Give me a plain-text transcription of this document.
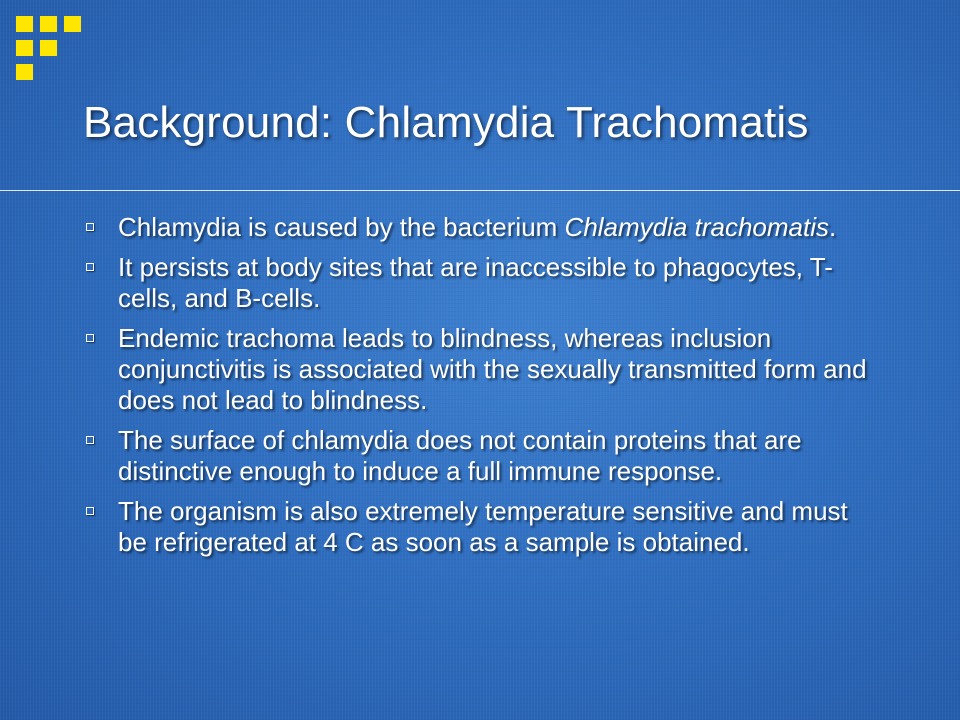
Background: Chlamydia Trachomatis
Chlamydia is caused by the bacterium Chlamydia trachomatis.
It persists at body sites that are inaccessible to phagocytes, T-cells, and B-cells.
Endemic trachoma leads to blindness, whereas inclusion conjunctivitis is associated with the sexually transmitted form and does not lead to blindness.
The surface of chlamydia does not contain proteins that are distinctive enough to induce a full immune response.
The organism is also extremely temperature sensitive and must be refrigerated at 4 C as soon as a sample is obtained.
